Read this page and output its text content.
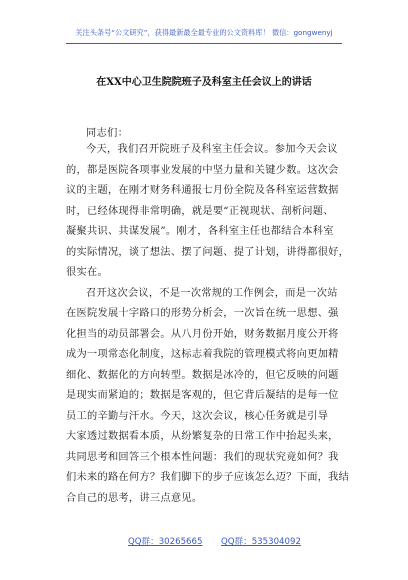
关注头条号“公文研究”，获得最新最全最专业的公文资料库！ 微信：gongwenyj
在XX中心卫生院院班子及科室主任会议上的讲话
同志们：

今天，我们召开院班子及科室主任会议。参加今天会议
的，都是医院各项事业发展的中坚力量和关键少数。这次会
议的主题，在刚才财务科通报七月份全院及各科室运营数据
时，已经体现得非常明确，就是要“正视现状、剖析问题、
凝聚共识、共谋发展”。刚才，各科室主任也都结合本科室
的实际情况，谈了想法、摆了问题、提了计划，讲得都很好，
很实在。

召开这次会议，不是一次常规的工作例会，而是一次站
在医院发展十字路口的形势分析会，一次旨在统一思想、强
化担当的动员部署会。从八月份开始，财务数据月度公开将
成为一项常态化制度，这标志着我院的管理模式将向更加精
细化、数据化的方向转型。数据是冰冷的，但它反映的问题
是现实而紧迫的；数据是客观的，但它背后凝结的是每一位
员工的辛勤与汗水。今天，这次会议，核心任务就是引导
大家透过数据看本质，从纷繁复杂的日常工作中抬起头来，
共同思考和回答三个根本性问题：我们的现状究竟如何？我
们未来的路在何方？我们脚下的步子应该怎么迈？下面，我结
合自己的思考，讲三点意见。

QQ群：30265665 QQ群：535304092
